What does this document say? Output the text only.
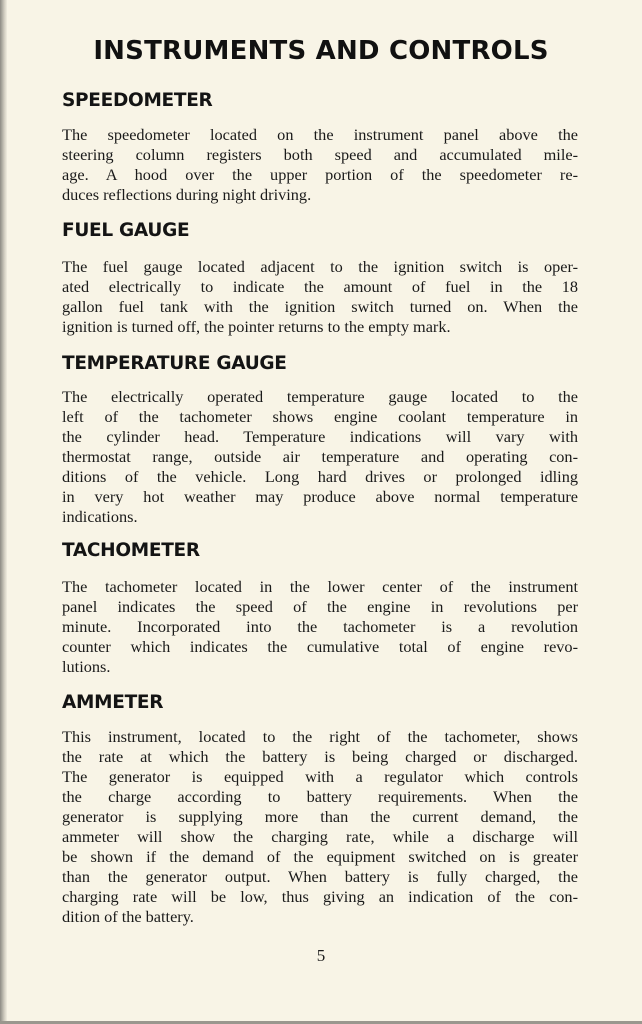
INSTRUMENTS AND CONTROLS
SPEEDOMETER
The speedometer located on the instrument panel above the
steering column registers both speed and accumulated mile-
age. A hood over the upper portion of the speedometer re-
duces reflections during night driving.
FUEL GAUGE
The fuel gauge located adjacent to the ignition switch is oper-
ated electrically to indicate the amount of fuel in the 18
gallon fuel tank with the ignition switch turned on. When the
ignition is turned off, the pointer returns to the empty mark.
TEMPERATURE GAUGE
The electrically operated temperature gauge located to the
left of the tachometer shows engine coolant temperature in
the cylinder head. Temperature indications will vary with
thermostat range, outside air temperature and operating con-
ditions of the vehicle. Long hard drives or prolonged idling
in very hot weather may produce above normal temperature
indications.
TACHOMETER
The tachometer located in the lower center of the instrument
panel indicates the speed of the engine in revolutions per
minute. Incorporated into the tachometer is a revolution
counter which indicates the cumulative total of engine revo-
lutions.
AMMETER
This instrument, located to the right of the tachometer, shows
the rate at which the battery is being charged or discharged.
The generator is equipped with a regulator which controls
the charge according to battery requirements. When the
generator is supplying more than the current demand, the
ammeter will show the charging rate, while a discharge will
be shown if the demand of the equipment switched on is greater
than the generator output. When battery is fully charged, the
charging rate will be low, thus giving an indication of the con-
dition of the battery.
5
